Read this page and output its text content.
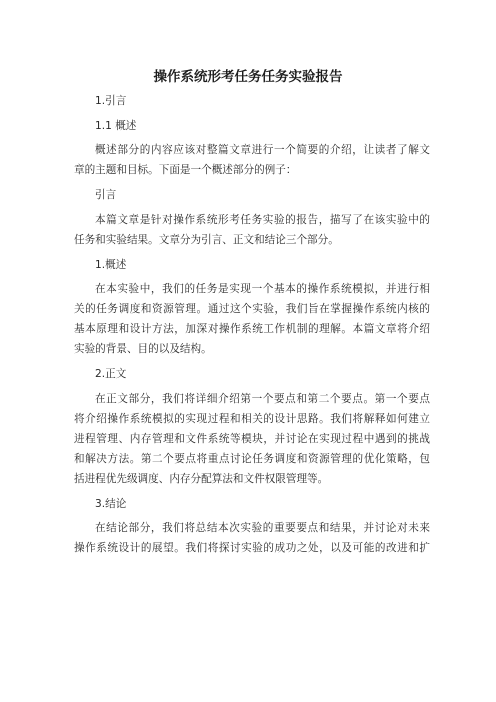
操作系统形考任务任务实验报告
1.引言
1.1 概述
概述部分的内容应该对整篇文章进行一个简要的介绍，让读者了解文
章的主题和目标。下面是一个概述部分的例子：
引言
本篇文章是针对操作系统形考任务实验的报告，描写了在该实验中的
任务和实验结果。文章分为引言、正文和结论三个部分。
1.概述
在本实验中，我们的任务是实现一个基本的操作系统模拟，并进行相
关的任务调度和资源管理。通过这个实验，我们旨在掌握操作系统内核的
基本原理和设计方法，加深对操作系统工作机制的理解。本篇文章将介绍
实验的背景、目的以及结构。
2.正文
在正文部分，我们将详细介绍第一个要点和第二个要点。第一个要点
将介绍操作系统模拟的实现过程和相关的设计思路。我们将解释如何建立
进程管理、内存管理和文件系统等模块，并讨论在实现过程中遇到的挑战
和解决方法。第二个要点将重点讨论任务调度和资源管理的优化策略，包
括进程优先级调度、内存分配算法和文件权限管理等。
3.结论
在结论部分，我们将总结本次实验的重要要点和结果，并讨论对未来
操作系统设计的展望。我们将探讨实验的成功之处，以及可能的改进和扩
